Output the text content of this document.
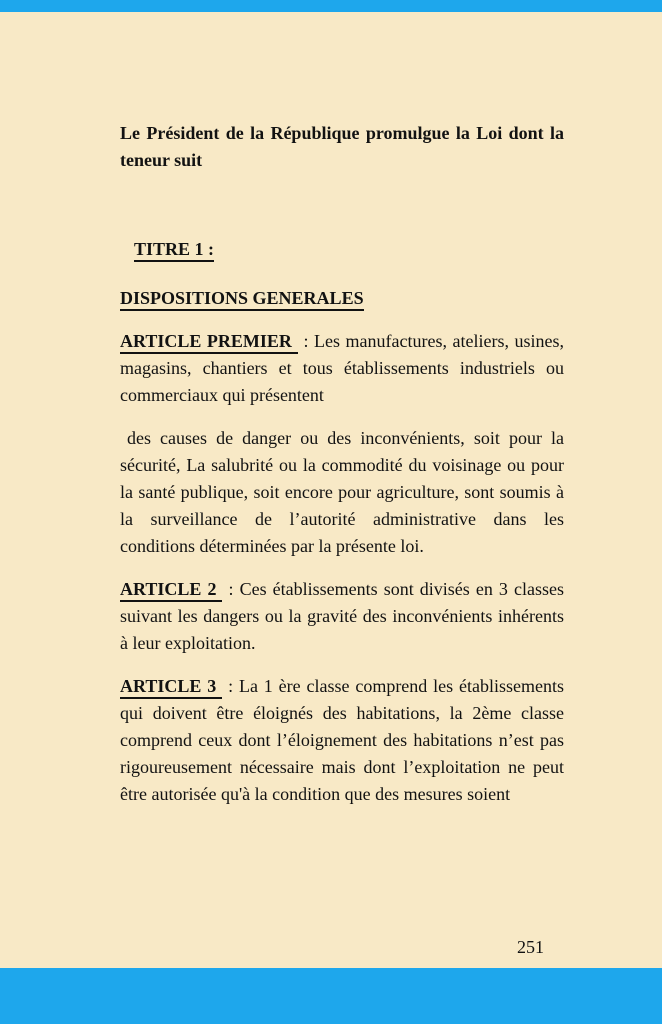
Le Président de la République promulgue la Loi dont la teneur suit

TITRE 1 :

DISPOSITIONS GENERALES

ARTICLE PREMIER : Les manufactures, ateliers, usines, magasins, chantiers et tous établissements industriels ou commerciaux qui présentent

des causes de danger ou des inconvénients, soit pour la sécurité, La salubrité ou la commodité du voisinage ou pour la santé publique, soit encore pour agriculture, sont soumis à la surveillance de l’autorité administrative dans les conditions déterminées par la présente loi.

ARTICLE 2 : Ces établissements sont divisés en 3 classes suivant les dangers ou la gravité des inconvénients inhérents à leur exploitation.

ARTICLE 3 : La 1 ère classe comprend les établissements qui doivent être éloignés des habitations, la 2ème classe comprend ceux dont l’éloignement des habitations n’est pas rigoureusement nécessaire mais dont l’exploitation ne peut être autorisée qu'à la condition que des mesures soient

251
